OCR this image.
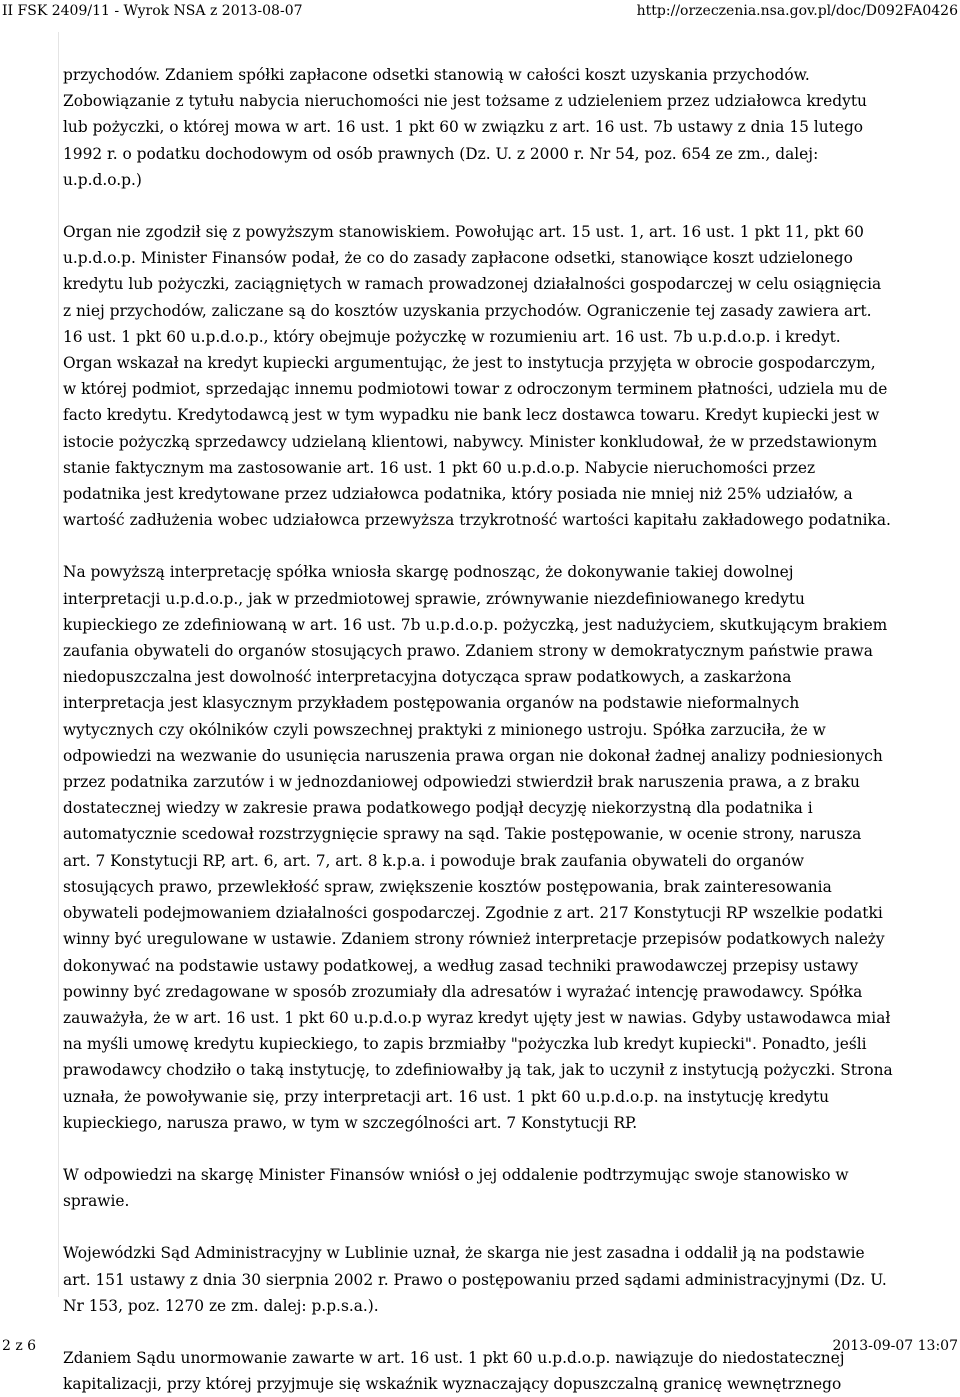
II FSK 2409/11 - Wyrok NSA z 2013-08-07	http://orzeczenia.nsa.gov.pl/doc/D092FA0426

przychodów. Zdaniem spółki zapłacone odsetki stanowią w całości koszt uzyskania przychodów. Zobowiązanie z tytułu nabycia nieruchomości nie jest tożsame z udzieleniem przez udziałowca kredytu lub pożyczki, o której mowa w art. 16 ust. 1 pkt 60 w związku z art. 16 ust. 7b ustawy z dnia 15 lutego 1992 r. o podatku dochodowym od osób prawnych (Dz. U. z 2000 r. Nr 54, poz. 654 ze zm., dalej: u.p.d.o.p.)

Organ nie zgodził się z powyższym stanowiskiem. Powołując art. 15 ust. 1, art. 16 ust. 1 pkt 11, pkt 60 u.p.d.o.p. Minister Finansów podał, że co do zasady zapłacone odsetki, stanowiące koszt udzielonego kredytu lub pożyczki, zaciągniętych w ramach prowadzonej działalności gospodarczej w celu osiągnięcia z niej przychodów, zaliczane są do kosztów uzyskania przychodów. Ograniczenie tej zasady zawiera art. 16 ust. 1 pkt 60 u.p.d.o.p., który obejmuje pożyczkę w rozumieniu art. 16 ust. 7b u.p.d.o.p. i kredyt. Organ wskazał na kredyt kupiecki argumentując, że jest to instytucja przyjęta w obrocie gospodarczym, w której podmiot, sprzedając innemu podmiotowi towar z odroczonym terminem płatności, udziela mu de facto kredytu. Kredytodawcą jest w tym wypadku nie bank lecz dostawca towaru. Kredyt kupiecki jest w istocie pożyczką sprzedawcy udzielaną klientowi, nabywcy. Minister konkludował, że w przedstawionym stanie faktycznym ma zastosowanie art. 16 ust. 1 pkt 60 u.p.d.o.p. Nabycie nieruchomości przez podatnika jest kredytowane przez udziałowca podatnika, który posiada nie mniej niż 25% udziałów, a wartość zadłużenia wobec udziałowca przewyższa trzykrotność wartości kapitału zakładowego podatnika.

Na powyższą interpretację spółka wniosła skargę podnosząc, że dokonywanie takiej dowolnej interpretacji u.p.d.o.p., jak w przedmiotowej sprawie, zrównywanie niezdefiniowanego kredytu kupieckiego ze zdefiniowaną w art. 16 ust. 7b u.p.d.o.p. pożyczką, jest nadużyciem, skutkującym brakiem zaufania obywateli do organów stosujących prawo. Zdaniem strony w demokratycznym państwie prawa niedopuszczalna jest dowolność interpretacyjna dotycząca spraw podatkowych, a zaskarżona interpretacja jest klasycznym przykładem postępowania organów na podstawie nieformalnych wytycznych czy okólników czyli powszechnej praktyki z minionego ustroju. Spółka zarzuciła, że w odpowiedzi na wezwanie do usunięcia naruszenia prawa organ nie dokonał żadnej analizy podniesionych przez podatnika zarzutów i w jednozdaniowej odpowiedzi stwierdził brak naruszenia prawa, a z braku dostatecznej wiedzy w zakresie prawa podatkowego podjął decyzję niekorzystną dla podatnika i automatycznie scedował rozstrzygnięcie sprawy na sąd. Takie postępowanie, w ocenie strony, narusza art. 7 Konstytucji RP, art. 6, art. 7, art. 8 k.p.a. i powoduje brak zaufania obywateli do organów stosujących prawo, przewlekłość spraw, zwiększenie kosztów postępowania, brak zainteresowania obywateli podejmowaniem działalności gospodarczej. Zgodnie z art. 217 Konstytucji RP wszelkie podatki winny być uregulowane w ustawie. Zdaniem strony również interpretacje przepisów podatkowych należy dokonywać na podstawie ustawy podatkowej, a według zasad techniki prawodawczej przepisy ustawy powinny być zredagowane w sposób zrozumiały dla adresatów i wyrażać intencję prawodawcy. Spółka zauważyła, że w art. 16 ust. 1 pkt 60 u.p.d.o.p wyraz kredyt ujęty jest w nawias. Gdyby ustawodawca miał na myśli umowę kredytu kupieckiego, to zapis brzmiałby "pożyczka lub kredyt kupiecki". Ponadto, jeśli prawodawcy chodziło o taką instytucję, to zdefiniowałby ją tak, jak to uczynił z instytucją pożyczki. Strona uznała, że powoływanie się, przy interpretacji art. 16 ust. 1 pkt 60 u.p.d.o.p. na instytucję kredytu kupieckiego, narusza prawo, w tym w szczególności art. 7 Konstytucji RP.

W odpowiedzi na skargę Minister Finansów wniósł o jej oddalenie podtrzymując swoje stanowisko w sprawie.

Wojewódzki Sąd Administracyjny w Lublinie uznał, że skarga nie jest zasadna i oddalił ją na podstawie art. 151 ustawy z dnia 30 sierpnia 2002 r. Prawo o postępowaniu przed sądami administracyjnymi (Dz. U. Nr 153, poz. 1270 ze zm. dalej: p.p.s.a.).

Zdaniem Sądu unormowanie zawarte w art. 16 ust. 1 pkt 60 u.p.d.o.p. nawiązuje do niedostatecznej kapitalizacji, przy której przyjmuje się wskaźnik wyznaczający dopuszczalną granicę wewnętrznego

2 z 6	2013-09-07 13:07
